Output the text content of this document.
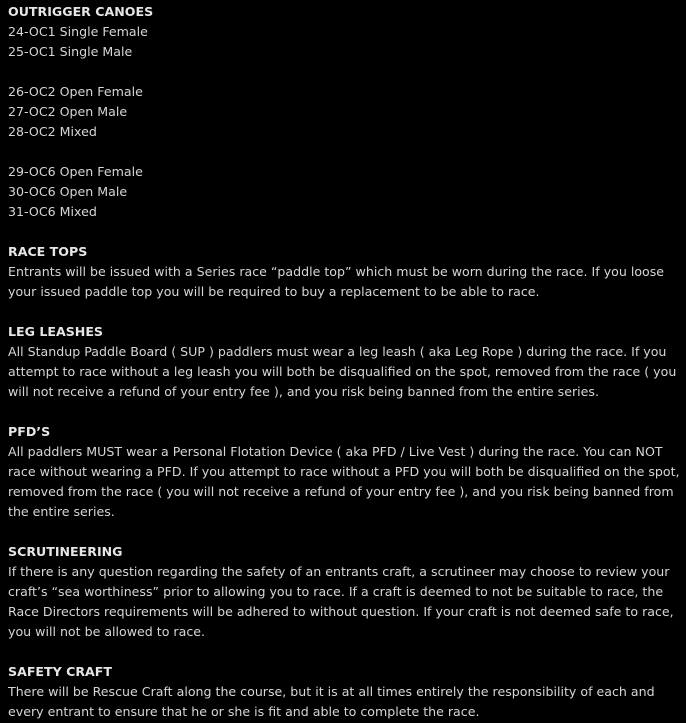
OUTRIGGER CANOES
24-OC1 Single Female
25-OC1 Single Male
26-OC2 Open Female
27-OC2 Open Male
28-OC2 Mixed
29-OC6 Open Female
30-OC6 Open Male
31-OC6 Mixed
RACE TOPS
Entrants will be issued with a Series race “paddle top” which must be worn during the race. If you loose
your issued paddle top you will be required to buy a replacement to be able to race.
LEG LEASHES
All Standup Paddle Board ( SUP ) paddlers must wear a leg leash ( aka Leg Rope ) during the race. If you
attempt to race without a leg leash you will both be disqualified on the spot, removed from the race ( you
will not receive a refund of your entry fee ), and you risk being banned from the entire series.
PFD’S
All paddlers MUST wear a Personal Flotation Device ( aka PFD / Live Vest ) during the race. You can NOT
race without wearing a PFD. If you attempt to race without a PFD you will both be disqualified on the spot,
removed from the race ( you will not receive a refund of your entry fee ), and you risk being banned from
the entire series.
SCRUTINEERING
If there is any question regarding the safety of an entrants craft, a scrutineer may choose to review your
craft’s “sea worthiness” prior to allowing you to race. If a craft is deemed to not be suitable to race, the
Race Directors requirements will be adhered to without question. If your craft is not deemed safe to race,
you will not be allowed to race.
SAFETY CRAFT
There will be Rescue Craft along the course, but it is at all times entirely the responsibility of each and
every entrant to ensure that he or she is fit and able to complete the race.
